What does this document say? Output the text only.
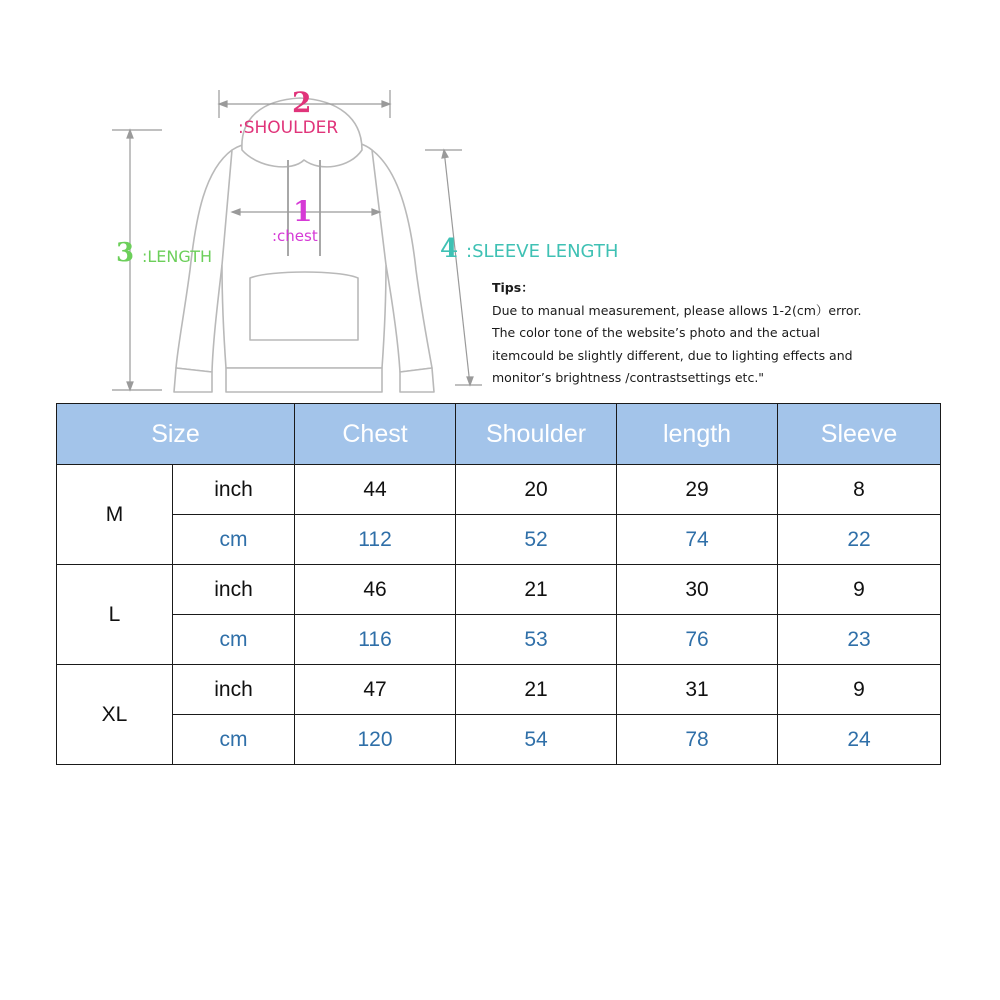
2
:SHOULDER
1
:chest
3 :LENGTH	4 :SLEEVE LENGTH
Tips：
Due to manual measurement, please allows 1-2(cm）error.
The color tone of the website’s photo and the actual
itemcould be slightly different, due to lighting effects and
monitor’s brightness /contrastsettings etc."
Size		Chest	Shoulder	length	Sleeve
M	inch	44	20	29	8
	cm	112	52	74	22
L	inch	46	21	30	9
	cm	116	53	76	23
XL	inch	47	21	31	9
	cm	120	54	78	24
